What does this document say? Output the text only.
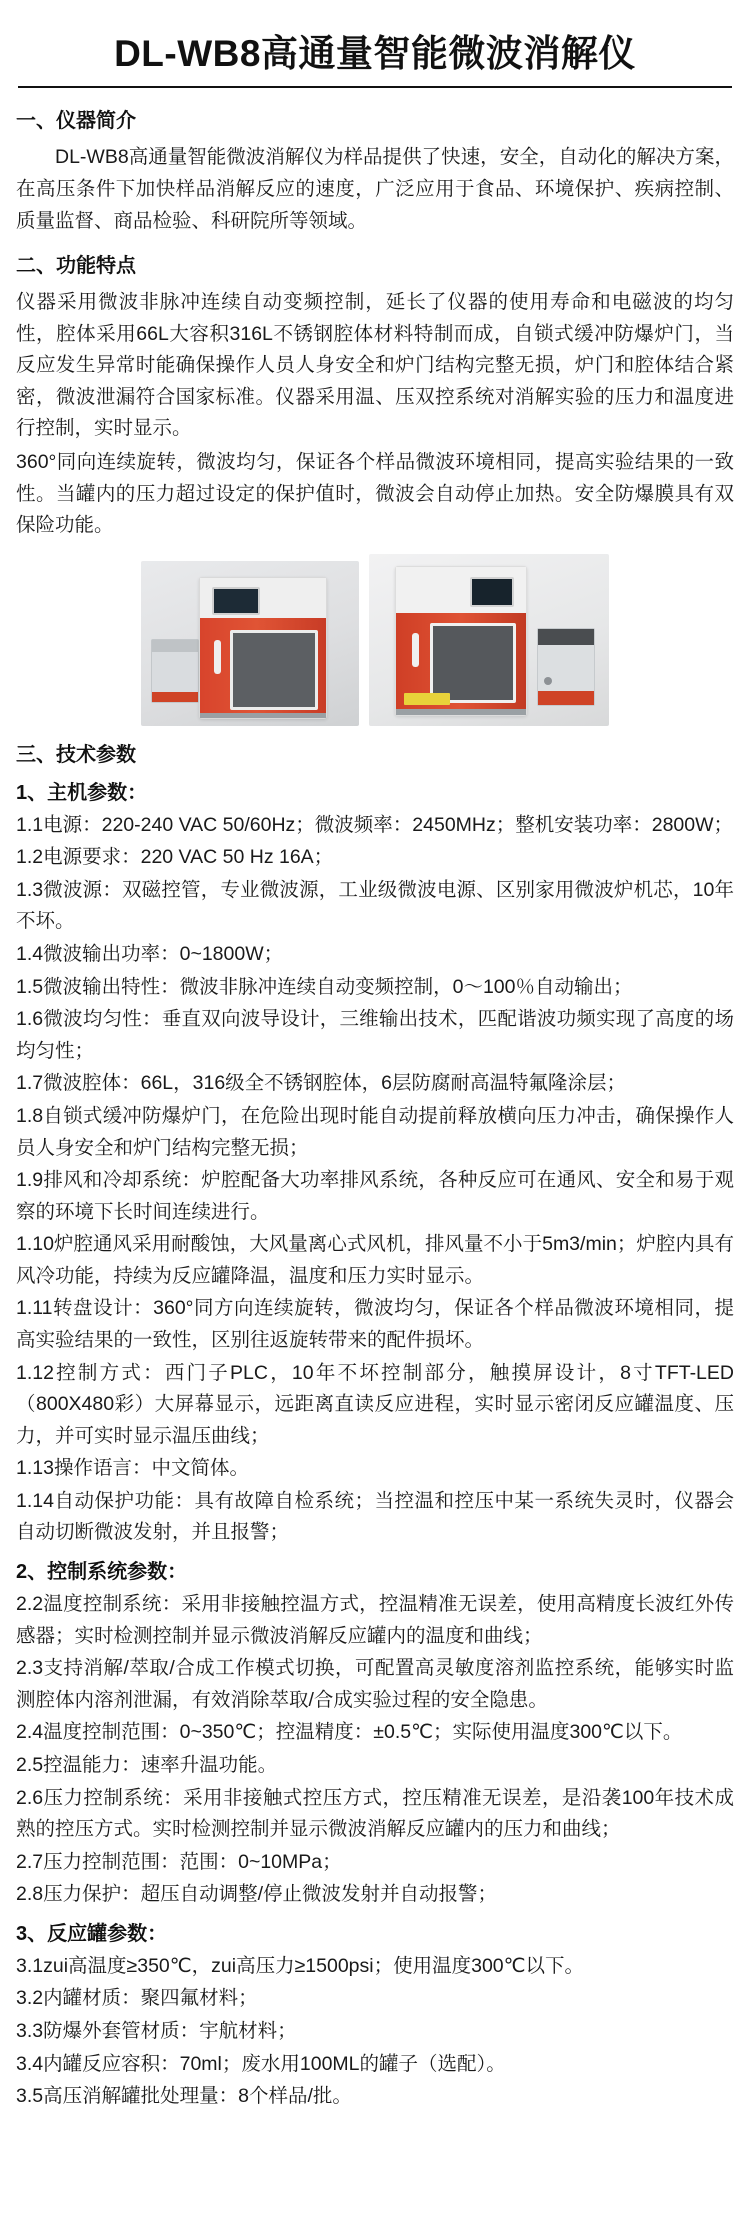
DL-WB8高通量智能微波消解仪
一、仪器简介

DL-WB8高通量智能微波消解仪为样品提供了快速，安全，自动化的解决方案，在高压条件下加快样品消解反应的速度，广泛应用于食品、环境保护、疾病控制、质量监督、商品检验、科研院所等领域。

二、功能特点

仪器采用微波非脉冲连续自动变频控制，延长了仪器的使用寿命和电磁波的均匀性，腔体采用66L大容积316L不锈钢腔体材料特制而成，自锁式缓冲防爆炉门，当反应发生异常时能确保操作人员人身安全和炉门结构完整无损，炉门和腔体结合紧密，微波泄漏符合国家标准。仪器采用温、压双控系统对消解实验的压力和温度进行控制，实时显示。

360°同向连续旋转，微波均匀，保证各个样品微波环境相同，提高实验结果的一致性。当罐内的压力超过设定的保护值时，微波会自动停止加热。安全防爆膜具有双保险功能。

三、技术参数
1、主机参数：

1.1电源：220-240 VAC 50/60Hz；微波频率：2450MHz；整机安装功率：2800W；

1.2电源要求：220 VAC 50 Hz 16A；

1.3微波源：双磁控管，专业微波源，工业级微波电源、区别家用微波炉机芯，10年不坏。

1.4微波输出功率：0~1800W；

1.5微波输出特性：微波非脉冲连续自动变频控制，0～100％自动输出；

1.6微波均匀性：垂直双向波导设计，三维输出技术，匹配谐波功频实现了高度的场均匀性；

1.7微波腔体：66L，316级全不锈钢腔体，6层防腐耐高温特氟隆涂层；

1.8自锁式缓冲防爆炉门，在危险出现时能自动提前释放横向压力冲击，确保操作人员人身安全和炉门结构完整无损；

1.9排风和冷却系统：炉腔配备大功率排风系统，各种反应可在通风、安全和易于观察的环境下长时间连续进行。

1.10炉腔通风采用耐酸蚀，大风量离心式风机，排风量不小于5m3/min；炉腔内具有风冷功能，持续为反应罐降温，温度和压力实时显示。

1.11转盘设计：360°同方向连续旋转，微波均匀，保证各个样品微波环境相同，提高实验结果的一致性，区别往返旋转带来的配件损坏。

1.12控制方式：西门子PLC，10年不坏控制部分，触摸屏设计，8寸TFT-LED（800X480彩）大屏幕显示，远距离直读反应进程，实时显示密闭反应罐温度、压力，并可实时显示温压曲线；

1.13操作语言：中文简体。

1.14自动保护功能：具有故障自检系统；当控温和控压中某一系统失灵时，仪器会自动切断微波发射，并且报警；

2、控制系统参数：

2.2温度控制系统：采用非接触控温方式，控温精准无误差，使用高精度长波红外传感器；实时检测控制并显示微波消解反应罐内的温度和曲线；

2.3支持消解/萃取/合成工作模式切换，可配置高灵敏度溶剂监控系统，能够实时监测腔体内溶剂泄漏，有效消除萃取/合成实验过程的安全隐患。

2.4温度控制范围：0~350℃；控温精度：±0.5℃；实际使用温度300℃以下。

2.5控温能力：速率升温功能。

2.6压力控制系统：采用非接触式控压方式，控压精准无误差，是沿袭100年技术成熟的控压方式。实时检测控制并显示微波消解反应罐内的压力和曲线；

2.7压力控制范围：范围：0~10MPa；

2.8压力保护：超压自动调整/停止微波发射并自动报警；

3、反应罐参数：

3.1zui高温度≥350℃，zui高压力≥1500psi；使用温度300℃以下。

3.2内罐材质：聚四氟材料；

3.3防爆外套管材质：宇航材料；

3.4内罐反应容积：70ml；废水用100ML的罐子（选配）。

3.5高压消解罐批处理量：8个样品/批。
